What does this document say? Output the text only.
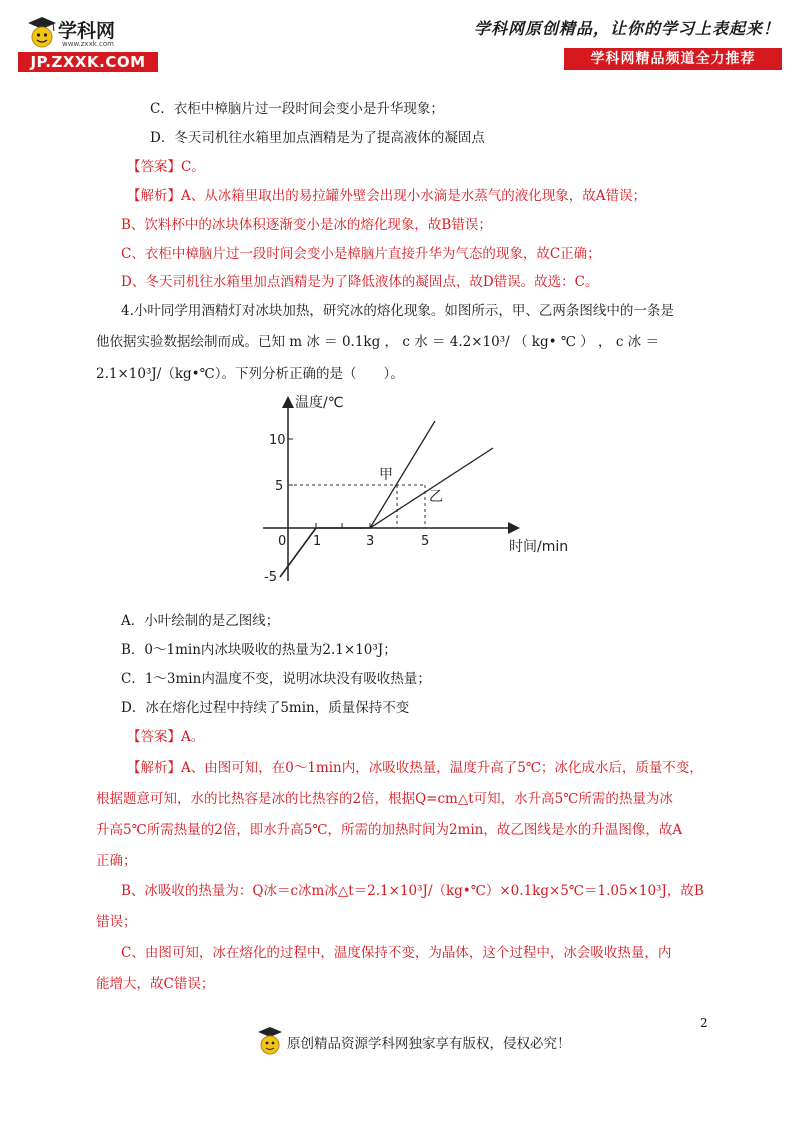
学科网
www.zxxk.com
JP.ZXXK.COM
学科网原创精品，让你的学习上表起来！
学科网精品频道全力推荐
C．衣柜中樟脑片过一段时间会变小是升华现象；
D．冬天司机往水箱里加点酒精是为了提高液体的凝固点
【答案】C。
【解析】A、从冰箱里取出的易拉罐外壁会出现小水滴是水蒸气的液化现象，故A错误；
B、饮料杯中的冰块体积逐渐变小是冰的熔化现象，故B错误；
C、衣柜中樟脑片过一段时间会变小是樟脑片直接升华为气态的现象，故C正确；
D、冬天司机往水箱里加点酒精是为了降低液体的凝固点，故D错误。故选：C。
4.小叶同学用酒精灯对冰块加热，研究冰的熔化现象。如图所示，甲、乙两条图线中的一条是
他依据实验数据绘制而成。已知 m 冰 ＝ 0.1kg ， c 水 ＝ 4.2×10³/ （ kg• ℃ ） ， c 冰 ＝
2.1×10³J/（kg•℃）。下列分析正确的是（　　）。
温度/℃
时间/min
10
5
-5
0 1	3	5
甲
乙
A．小叶绘制的是乙图线；
B．0～1min内冰块吸收的热量为2.1×10³J；
C．1～3min内温度不变，说明冰块没有吸收热量；
D．冰在熔化过程中持续了5min，质量保持不变
【答案】A。
【解析】A、由图可知，在0～1min内，冰吸收热量，温度升高了5℃；冰化成水后，质量不变，
根据题意可知，水的比热容是冰的比热容的2倍，根据Q=cm△t可知，水升高5℃所需的热量为冰
升高5℃所需热量的2倍，即水升高5℃，所需的加热时间为2min，故乙图线是水的升温图像，故A
正确；
B、冰吸收的热量为：Q冰＝c冰m冰△t＝2.1×10³J/（kg•℃）×0.1kg×5℃＝1.05×10³J，故B
错误；
C、由图可知，冰在熔化的过程中，温度保持不变，为晶体，这个过程中，冰会吸收热量，内
能增大，故C错误；
2
原创精品资源学科网独家享有版权，侵权必究！
